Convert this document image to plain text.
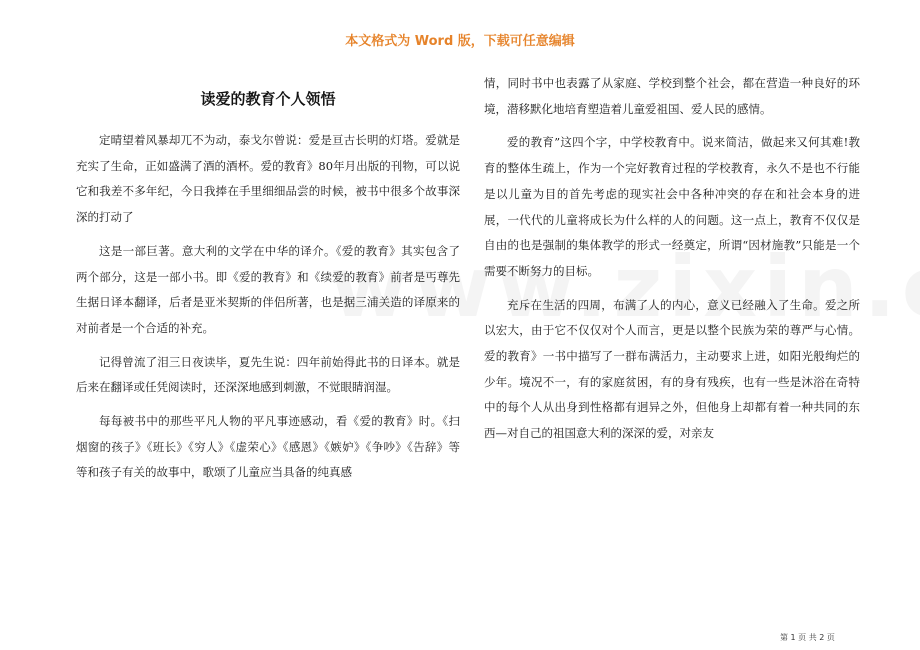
本文格式为 Word 版，下载可任意编辑
读爱的教育个人领悟

定晴望着风暴却兀不为动，泰戈尔曾说：爱是亘古长明的灯塔。爱就是充实了生命，正如盛满了酒的酒杯。爱的教育》80年月出版的刊物，可以说它和我差不多年纪，今日我捧在手里细细品尝的时候，被书中很多个故事深深的打动了

这是一部巨著。意大利的文学在中华的译介。《爱的教育》其实包含了两个部分，这是一部小书。即《爱的教育》和《续爱的教育》前者是丐尊先生据日译本翻译，后者是亚米契斯的伴侣所著，也是据三浦关造的译原来的对前者是一个合适的补充。

记得曾流了泪三日夜读毕，夏先生说：四年前始得此书的日译本。就是后来在翻译或任凭阅读时，还深深地感到刺激，不觉眼睛润湿。

每每被书中的那些平凡人物的平凡事迹感动，看《爱的教育》时。《扫烟窗的孩子》《班长》《穷人》《虚荣心》《感恩》《嫉妒》《争吵》《告辞》等等和孩子有关的故事中，歌颂了儿童应当具备的纯真感

情，同时书中也表露了从家庭、学校到整个社会，都在营造一种良好的环境，潜移默化地培育塑造着儿童爱祖国、爱人民的感情。

爱的教育”这四个字，中学校教育中。说来简洁，做起来又何其难!教育的整体生疏上，作为一个完好教育过程的学校教育，永久不是也不行能是以儿童为目的首先考虑的现实社会中各种冲突的存在和社会本身的进展，一代代的儿童将成长为什么样的人的问题。这一点上，教育不仅仅是自由的也是强制的集体教学的形式一经奠定，所谓“因材施教”只能是一个需要不断努力的目标。

充斥在生活的四周，布满了人的内心，意义已经融入了生命。爱之所以宏大，由于它不仅仅对个人而言，更是以整个民族为荣的尊严与心情。爱的教育》一书中描写了一群布满活力，主动要求上进，如阳光般绚烂的少年。境况不一，有的家庭贫困，有的身有残疾，也有一些是沐浴在奇特中的每个人从出身到性格都有迥异之外，但他身上却都有着一种共同的东西—对自己的祖国意大利的深深的爱，对亲友

第 1 页 共 2 页
